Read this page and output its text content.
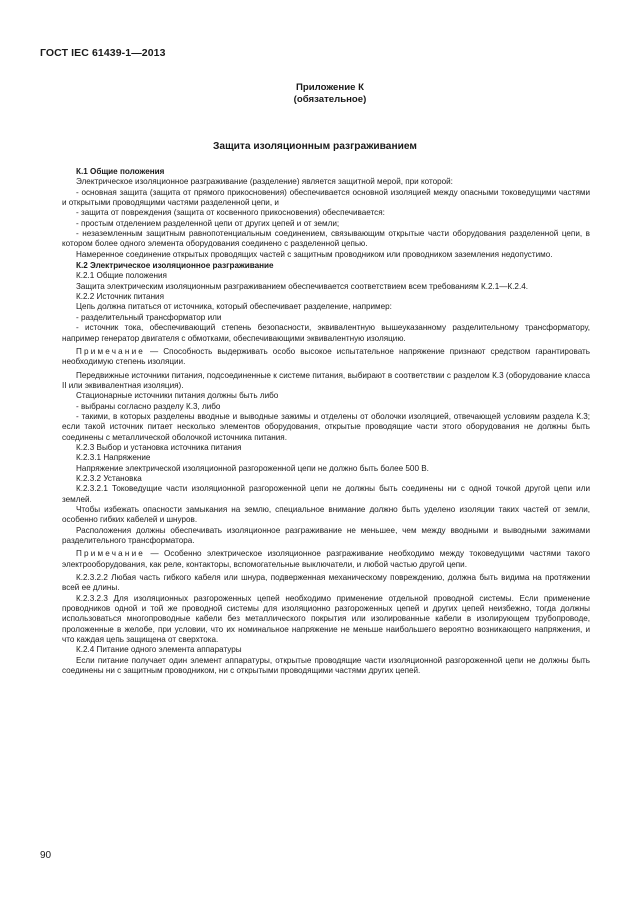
ГОСТ IEC 61439-1—2013
Приложение К
(обязательное)
Защита изоляционным разграживанием

К.1 Общие положения

Электрическое изоляционное разграживание (разделение) является защитной мерой, при которой:

- основная защита (защита от прямого прикосновения) обеспечивается основной изоляцией между опасными токоведущими частями и открытыми проводящими частями разделенной цепи, и

- защита от повреждения (защита от косвенного прикосновения) обеспечивается:

- простым отделением разделенной цепи от других цепей и от земли;

- незаземленным защитным равнопотенциальным соединением, связывающим открытые части оборудования разделенной цепи, в котором более одного элемента оборудования соединено с разделенной цепью.

Намеренное соединение открытых проводящих частей с защитным проводником или проводником заземления недопустимо.

К.2 Электрическое изоляционное разграживание

К.2.1 Общие положения

Защита электрическим изоляционным разграживанием обеспечивается соответствием всем требованиям К.2.1—К.2.4.

К.2.2 Источник питания

Цепь должна питаться от источника, который обеспечивает разделение, например:

- разделительный трансформатор или

- источник тока, обеспечивающий степень безопасности, эквивалентную вышеуказанному разделительному трансформатору, например генератор двигателя с обмотками, обеспечивающими эквивалентную изоляцию.

Примечание — Способность выдерживать особо высокое испытательное напряжение признают средством гарантировать необходимую степень изоляции.

Передвижные источники питания, подсоединенные к системе питания, выбирают в соответствии с разделом К.3 (оборудование класса II или эквивалентная изоляция).

Стационарные источники питания должны быть либо

- выбраны согласно разделу К.3, либо

- такими, в которых разделены вводные и выводные зажимы и отделены от оболочки изоляцией, отвечающей условиям раздела К.3; если такой источник питает несколько элементов оборудования, открытые проводящие части этого оборудования не должны быть соединены с металлической оболочкой источника питания.

К.2.3 Выбор и установка источника питания

К.2.3.1 Напряжение

Напряжение электрической изоляционной разгороженной цепи не должно быть более 500 В.

К.2.3.2 Установка

К.2.3.2.1 Токоведущие части изоляционной разгороженной цепи не должны быть соединены ни с одной точкой другой цепи или землей.

Чтобы избежать опасности замыкания на землю, специальное внимание должно быть уделено изоляции таких частей от земли, особенно гибких кабелей и шнуров.

Расположения должны обеспечивать изоляционное разграживание не меньшее, чем между вводными и выводными зажимами разделительного трансформатора.

Примечание — Особенно электрическое изоляционное разграживание необходимо между токоведущими частями такого электрооборудования, как реле, контакторы, вспомогательные выключатели, и любой частью другой цепи.

К.2.3.2.2 Любая часть гибкого кабеля или шнура, подверженная механическому повреждению, должна быть видима на протяжении всей ее длины.

К.2.3.2.3 Для изоляционных разгороженных цепей необходимо применение отдельной проводной системы. Если применение проводников одной и той же проводной системы для изоляционно разгороженных цепей и других цепей неизбежно, тогда должны использоваться многопроводные кабели без металлического покрытия или изолированные кабели в изолирующем трубопроводе, проложенные в желобе, при условии, что их номинальное напряжение не меньше наибольшего вероятно возникающего напряжения, и что каждая цепь защищена от сверхтока.

К.2.4 Питание одного элемента аппаратуры

Если питание получает один элемент аппаратуры, открытые проводящие части изоляционной разгороженной цепи не должны быть соединены ни с защитным проводником, ни с открытыми проводящими частями других цепей.

90
